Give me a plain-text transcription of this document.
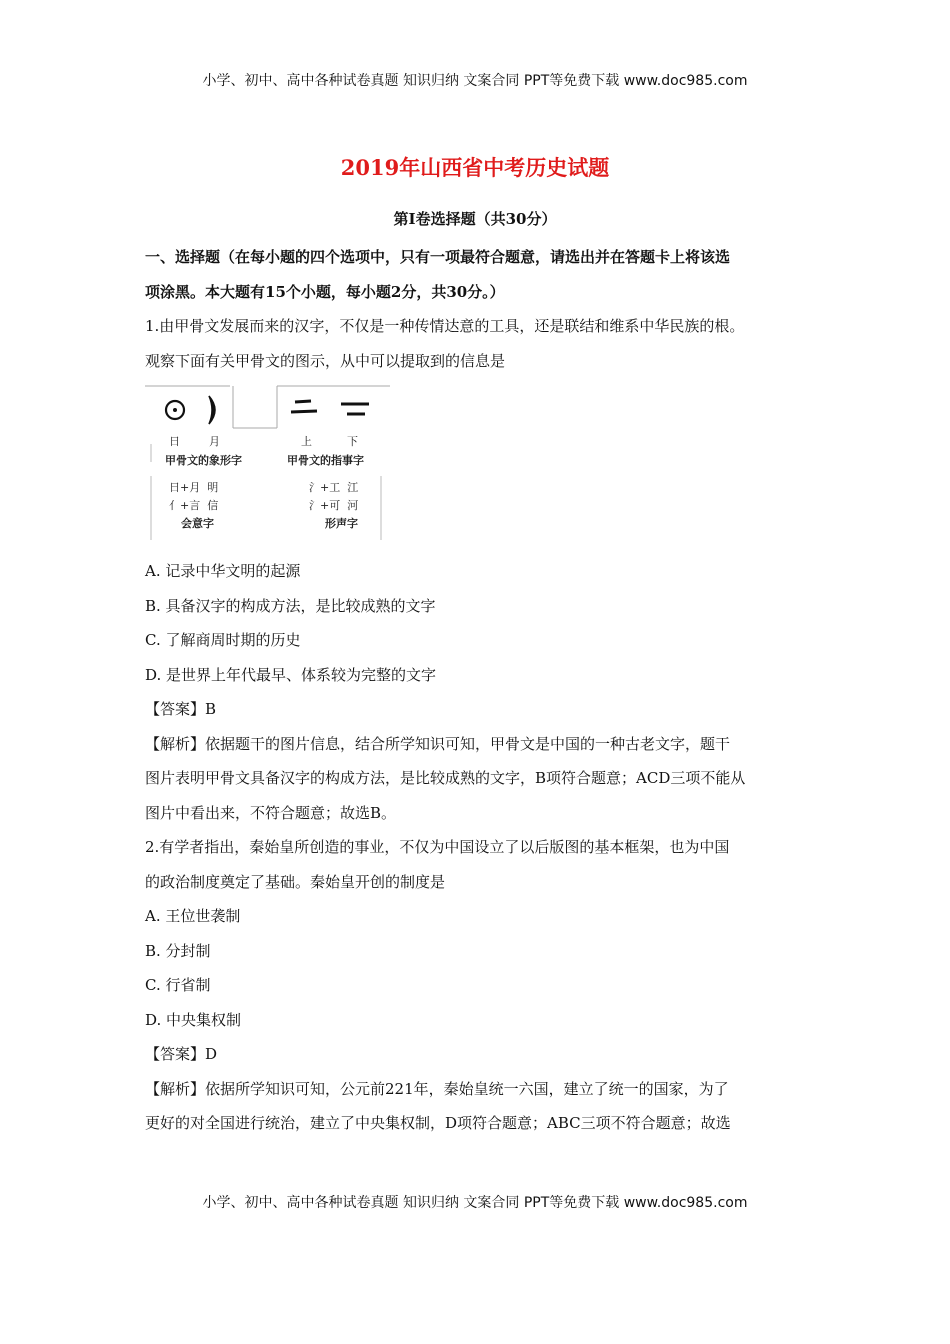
小学、初中、高中各种试卷真题 知识归纳 文案合同 PPT等免费下载 www.doc985.com
2019年山西省中考历史试题
第Ⅰ卷选择题（共30分）

一、选择题（在每小题的四个选项中，只有一项最符合题意，请选出并在答题卡上将该选

项涂黑。本大题有15个小题，每小题2分，共30分。）

1.由甲骨文发展而来的汉字，不仅是一种传情达意的工具，还是联结和维系中华民族的根。

观察下面有关甲骨文的图示，从中可以提取到的信息是

日	月	上	下
甲骨文的象形字	甲骨文的指事字
日+月  明
亻+言  信
会意字
氵+工  江
氵+可  河
形声字

A. 记录中华文明的起源

B. 具备汉字的构成方法，是比较成熟的文字

C. 了解商周时期的历史

D. 是世界上年代最早、体系较为完整的文字

【答案】B

【解析】依据题干的图片信息，结合所学知识可知，甲骨文是中国的一种古老文字，题干

图片表明甲骨文具备汉字的构成方法，是比较成熟的文字，B项符合题意；ACD三项不能从

图片中看出来，不符合题意；故选B。

2.有学者指出，秦始皇所创造的事业，不仅为中国设立了以后版图的基本框架，也为中国

的政治制度奠定了基础。秦始皇开创的制度是

A. 王位世袭制

B. 分封制

C. 行省制

D. 中央集权制

【答案】D

【解析】依据所学知识可知，公元前221年，秦始皇统一六国，建立了统一的国家，为了

更好的对全国进行统治，建立了中央集权制，D项符合题意；ABC三项不符合题意；故选

小学、初中、高中各种试卷真题 知识归纳 文案合同 PPT等免费下载 www.doc985.com
